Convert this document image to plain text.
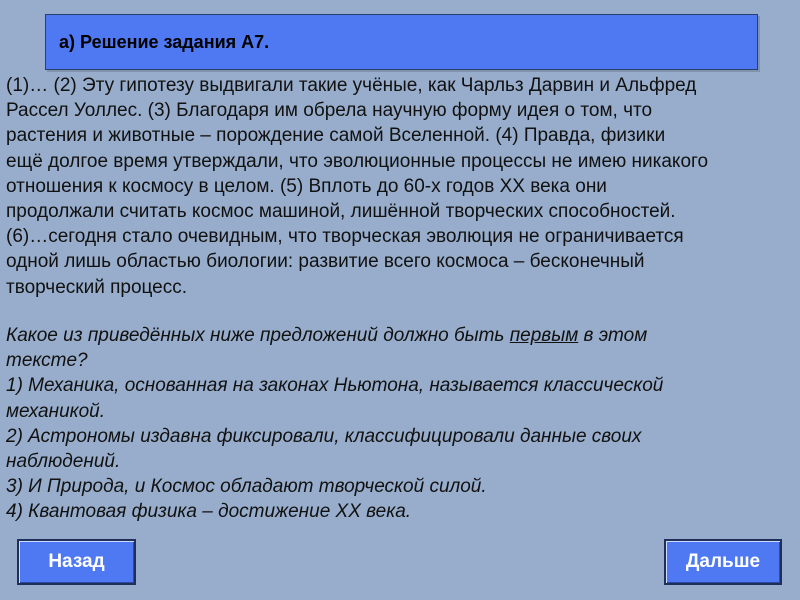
а) Решение задания А7.

(1)… (2) Эту гипотезу выдвигали такие учёные, как Чарльз Дарвин и Альфред

Рассел Уоллес. (3) Благодаря им обрела научную форму идея о том, что

растения и животные – порождение самой Вселенной. (4) Правда, физики

ещё долгое время утверждали, что эволюционные процессы не имею никакого

отношения к космосу в целом. (5) Вплоть до 60-х годов XX века они

продолжали считать космос машиной, лишённой творческих способностей.

(6)…сегодня стало очевидным, что творческая эволюция не ограничивается

одной лишь областью биологии: развитие всего космоса – бесконечный

творческий процесс.

Какое из приведённых ниже предложений должно быть первым в этом

тексте?

1) Механика, основанная на законах Ньютона, называется классической

механикой.

2) Астрономы издавна фиксировали, классифицировали данные своих

наблюдений.

3) И Природа, и Космос обладают творческой силой.

4) Квантовая физика – достижение XX века.

Назад	Дальше
